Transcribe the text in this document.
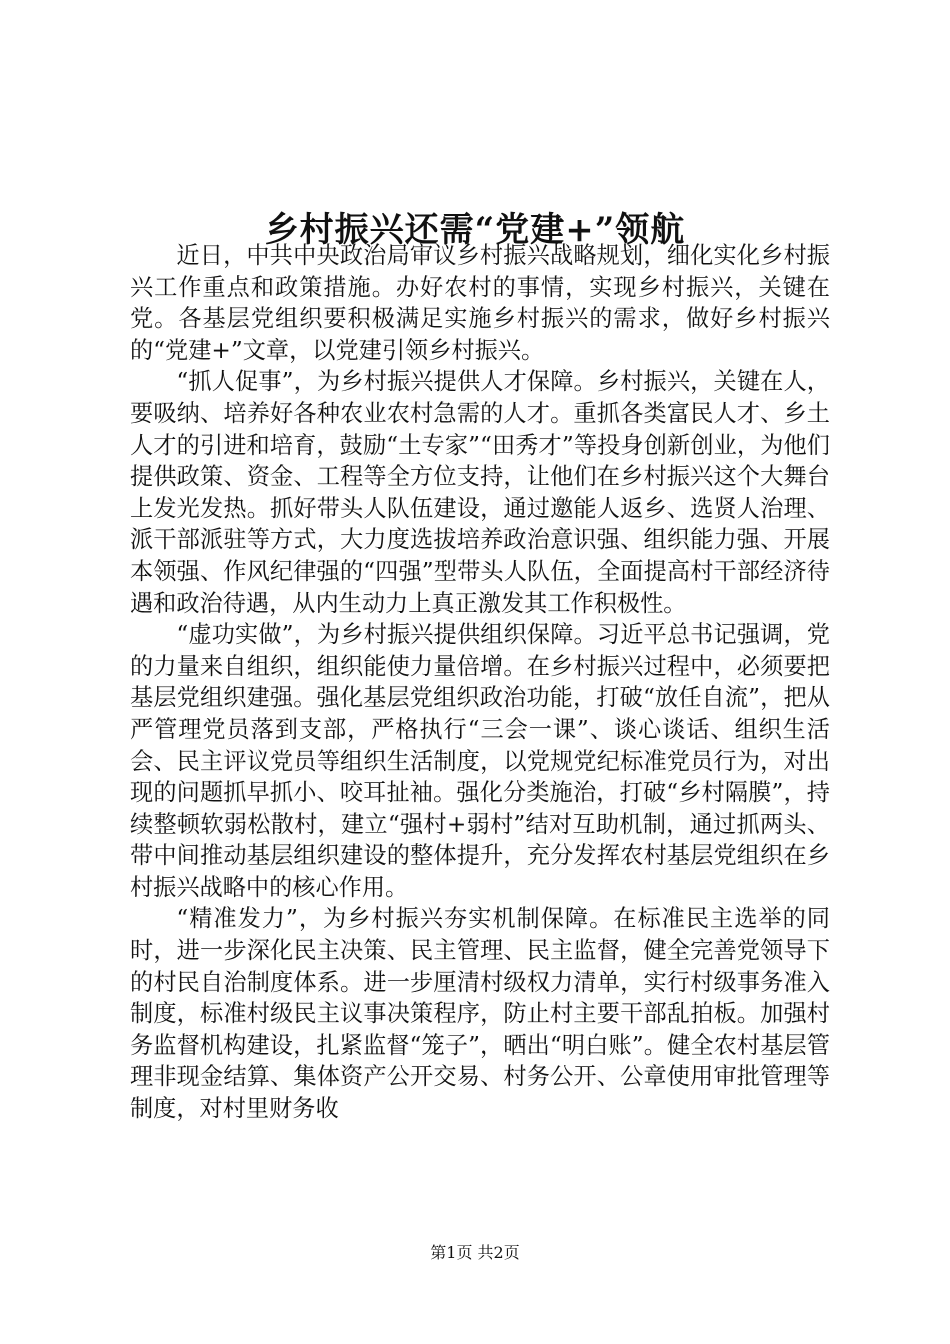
乡村振兴还需“党建+”领航

近日，中共中央政治局审议乡村振兴战略规划，细化实化乡村振兴工作重点和政策措施。办好农村的事情，实现乡村振兴，关键在党。各基层党组织要积极满足实施乡村振兴的需求，做好乡村振兴的“党建+”文章，以党建引领乡村振兴。

“抓人促事”，为乡村振兴提供人才保障。乡村振兴，关键在人，要吸纳、培养好各种农业农村急需的人才。重抓各类富民人才、乡土人才的引进和培育，鼓励“土专家”“田秀才”等投身创新创业，为他们提供政策、资金、工程等全方位支持，让他们在乡村振兴这个大舞台上发光发热。抓好带头人队伍建设，通过邀能人返乡、选贤人治理、派干部派驻等方式，大力度选拔培养政治意识强、组织能力强、开展本领强、作风纪律强的“四强”型带头人队伍，全面提高村干部经济待遇和政治待遇，从内生动力上真正激发其工作积极性。

“虚功实做”，为乡村振兴提供组织保障。习近平总书记强调，党的力量来自组织，组织能使力量倍增。在乡村振兴过程中，必须要把基层党组织建强。强化基层党组织政治功能，打破“放任自流”，把从严管理党员落到支部，严格执行“三会一课”、谈心谈话、组织生活会、民主评议党员等组织生活制度，以党规党纪标准党员行为，对出现的问题抓早抓小、咬耳扯袖。强化分类施治，打破“乡村隔膜”，持续整顿软弱松散村，建立“强村+弱村”结对互助机制，通过抓两头、带中间推动基层组织建设的整体提升，充分发挥农村基层党组织在乡村振兴战略中的核心作用。

“精准发力”，为乡村振兴夯实机制保障。在标准民主选举的同时，进一步深化民主决策、民主管理、民主监督，健全完善党领导下的村民自治制度体系。进一步厘清村级权力清单，实行村级事务准入制度，标准村级民主议事决策程序，防止村主要干部乱拍板。加强村务监督机构建设，扎紧监督“笼子”，晒出“明白账”。健全农村基层管理非现金结算、集体资产公开交易、村务公开、公章使用审批管理等制度，对村里财务收

第1页 共2页
